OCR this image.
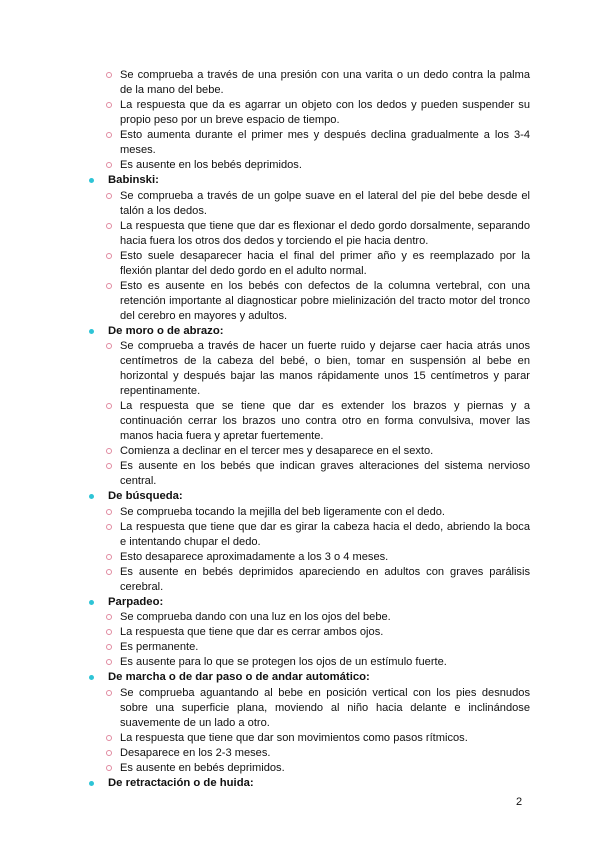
Se comprueba a través de una presión con una varita o un dedo contra la palma de la mano del bebe.
La respuesta que da es agarrar un objeto con los dedos y pueden suspender su propio peso por un breve espacio de tiempo.
Esto aumenta durante el primer mes y después declina gradualmente a los 3-4 meses.
Es ausente en los bebés deprimidos.

Babinski:

Se comprueba a través de un golpe suave en el lateral del pie del bebe desde el talón a los dedos.
La respuesta que tiene que dar es flexionar el dedo gordo dorsalmente, separando hacia fuera los otros dos dedos y torciendo el pie hacia dentro.
Esto suele desaparecer hacia el final del primer año y es reemplazado por la flexión plantar del dedo gordo en el adulto normal.
Esto es ausente en los bebés con defectos de la columna vertebral, con una retención importante al diagnosticar pobre mielinización del tracto motor del tronco del cerebro en mayores y adultos.

De moro o de abrazo:

Se comprueba a través de hacer un fuerte ruido y dejarse caer hacia atrás unos centímetros de la cabeza del bebé, o bien, tomar en suspensión al bebe en horizontal y después bajar las manos rápidamente unos 15 centímetros y parar repentinamente.
La respuesta que se tiene que dar es extender los brazos y piernas y a continuación cerrar los brazos uno contra otro en forma convulsiva, mover las manos hacia fuera y apretar fuertemente.
Comienza a declinar en el tercer mes y desaparece en el sexto.
Es ausente en los bebés que indican graves alteraciones del sistema nervioso central.

De búsqueda:

Se comprueba tocando la mejilla del beb ligeramente con el dedo.
La respuesta que tiene que dar es girar la cabeza hacia el dedo, abriendo la boca e intentando chupar el dedo.
Esto desaparece aproximadamente a los 3 o 4 meses.
Es ausente en bebés deprimidos apareciendo en adultos con graves parálisis cerebral.

Parpadeo:

Se comprueba dando con una luz en los ojos del bebe.
La respuesta que tiene que dar es cerrar ambos ojos.
Es permanente.
Es ausente para lo que se protegen los ojos de un estímulo fuerte.

De marcha o de dar paso o de andar automático:

Se comprueba aguantando al bebe en posición vertical con los pies desnudos sobre una superficie plana, moviendo al niño hacia delante e inclinándose suavemente de un lado a otro.
La respuesta que tiene que dar son movimientos como pasos rítmicos.
Desaparece en los 2-3 meses.
Es ausente en bebés deprimidos.

De retractación o de huida:

2
